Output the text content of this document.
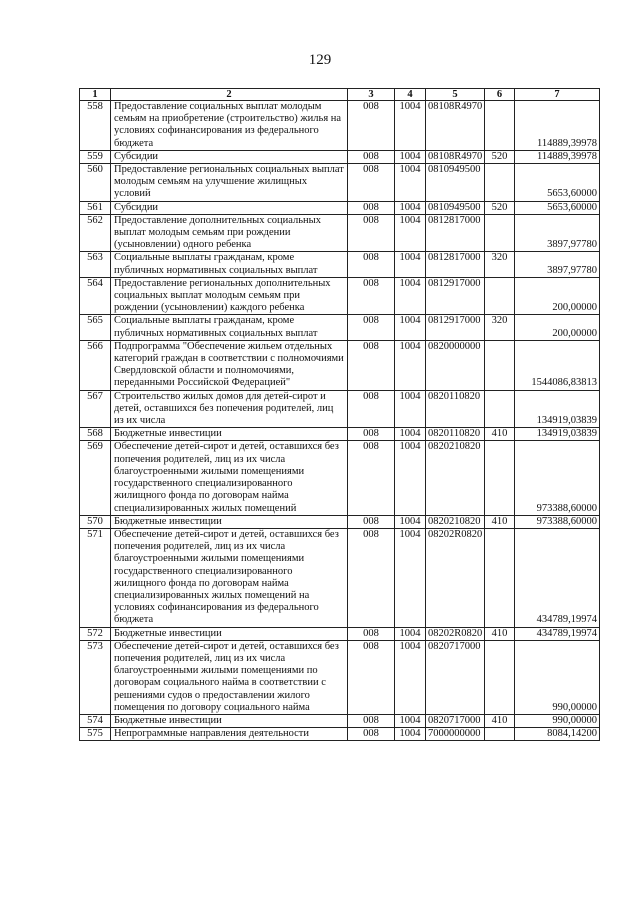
129
1	2	3	4	5	6	7
558	Предоставление социальных выплат молодым семьям на приобретение (строительство) жилья на условиях софинансирования из федерального бюджета	008	1004	08108R4970		114889,39978
559	Субсидии	008	1004	08108R4970	520	114889,39978
560	Предоставление региональных социальных выплат молодым семьям на улучшение жилищных условий	008	1004	0810949500		5653,60000
561	Субсидии	008	1004	0810949500	520	5653,60000
562	Предоставление дополнительных социальных выплат молодым семьям при рождении (усыновлении) одного ребенка	008	1004	0812817000		3897,97780
563	Социальные выплаты гражданам, кроме публичных нормативных социальных выплат	008	1004	0812817000	320	3897,97780
564	Предоставление региональных дополнительных социальных выплат молодым семьям при рождении (усыновлении) каждого ребенка	008	1004	0812917000		200,00000
565	Социальные выплаты гражданам, кроме публичных нормативных социальных выплат	008	1004	0812917000	320	200,00000
566	Подпрограмма "Обеспечение жильем отдельных категорий граждан в соответствии с полномочиями Свердловской области и полномочиями, переданными Российской Федерацией"	008	1004	0820000000		1544086,83813
567	Строительство жилых домов для детей-сирот и детей, оставшихся без попечения родителей, лиц из их числа	008	1004	0820110820		134919,03839
568	Бюджетные инвестиции	008	1004	0820110820	410	134919,03839
569	Обеспечение детей-сирот и детей, оставшихся без попечения родителей, лиц из их числа благоустроенными жилыми помещениями государственного специализированного жилищного фонда по договорам найма специализированных жилых помещений	008	1004	0820210820		973388,60000
570	Бюджетные инвестиции	008	1004	0820210820	410	973388,60000
571	Обеспечение детей-сирот и детей, оставшихся без попечения родителей, лиц из их числа благоустроенными жилыми помещениями государственного специализированного жилищного фонда по договорам найма специализированных жилых помещений на условиях софинансирования из федерального бюджета	008	1004	08202R0820		434789,19974
572	Бюджетные инвестиции	008	1004	08202R0820	410	434789,19974
573	Обеспечение детей-сирот и детей, оставшихся без попечения родителей, лиц из их числа благоустроенными жилыми помещениями по договорам социального найма в соответствии с решениями судов о предоставлении жилого помещения по договору социального найма	008	1004	0820717000		990,00000
574	Бюджетные инвестиции	008	1004	0820717000	410	990,00000
575	Непрограммные направления деятельности	008	1004	7000000000		8084,14200
